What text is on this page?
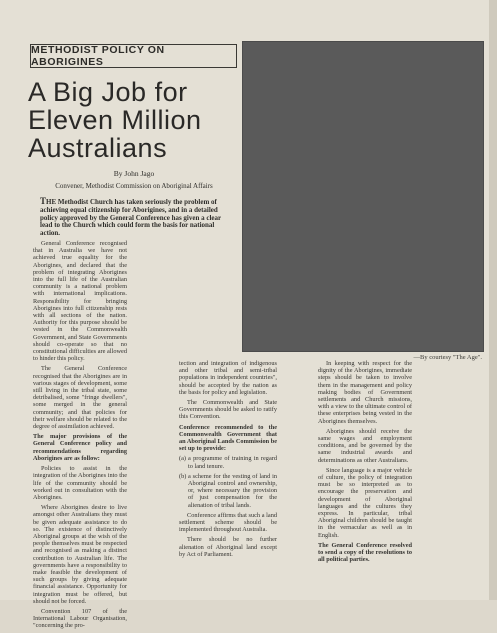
METHODIST POLICY ON ABORIGINES
—By courtesy "The Age".
A Big Job for Eleven Million Australians
By John Jago
Convener, Methodist Commission on Aboriginal Affairs
THE Methodist Church has taken seriously the problem of achieving equal citizenship for Aborigines, and in a detailed policy approved by the General Conference has given a clear lead to the Church which could form the basis for national action.

General Conference recognised that in Australia we have not achieved true equality for the Aborigines, and declared that the problem of integrating Aborigines into the full life of the Australian community is a national problem with international implications. Responsibility for bringing Aborigines into full citizenship rests with all sections of the nation. Authority for this purpose should be vested in the Commonwealth Government, and State Governments should co-operate so that no constitutional difficulties are allowed to hinder this policy.

The General Conference recognised that the Aborigines are in various stages of development, some still living in the tribal state, some detribalised, some "fringe dwellers", some merged in the general community; and that policies for their welfare should be related to the degree of assimilation achieved.

The major provisions of the General Conference policy and recommendations regarding Aborigines are as follow:

Policies to assist in the integration of the Aborigines into the life of the community should be worked out in consultation with the Aborigines.

Where Aborigines desire to live amongst other Australians they must be given adequate assistance to do so. The existence of distinctively Aboriginal groups at the wish of the people themselves must be respected and recognised as making a distinct contribution to Australian life. The governments have a responsibility to make feasible the development of such groups by giving adequate financial assistance. Opportunity for integration must be offered, but should not be forced.

Convention 107 of the International Labour Organisation, "concerning the pro-

tection and integration of indigenous and other tribal and semi-tribal populations in independent countries", should be accepted by the nation as the basis for policy and legislation.

The Commonwealth and State Governments should be asked to ratify this Convention.

Conference recommended to the Commonwealth Government that an Aboriginal Lands Commission be set up to provide:

(a) a programme of training in regard to land tenure.

(b) a scheme for the vesting of land in Aboriginal control and ownership, or, where necessary the provision of just compensation for the alienation of tribal lands.

Conference affirms that such a land settlement scheme should be implemented throughout Australia.

There should be no further alienation of Aboriginal land except by Act of Parliament.

In keeping with respect for the dignity of the Aborigines, immediate steps should be taken to involve them in the management and policy making bodies of Government settlements and Church missions, with a view to the ultimate control of these enterprises being vested in the Aborigines themselves.

Aborigines should receive the same wages and employment conditions, and be governed by the same industrial awards and determinations as other Australians.

Since language is a major vehicle of culture, the policy of integration must be so interpreted as to encourage the preservation and development of Aboriginal languages and the cultures they express. In particular, tribal Aboriginal children should be taught in the vernacular as well as in English.

The General Conference resolved to send a copy of the resolutions to all political parties.
